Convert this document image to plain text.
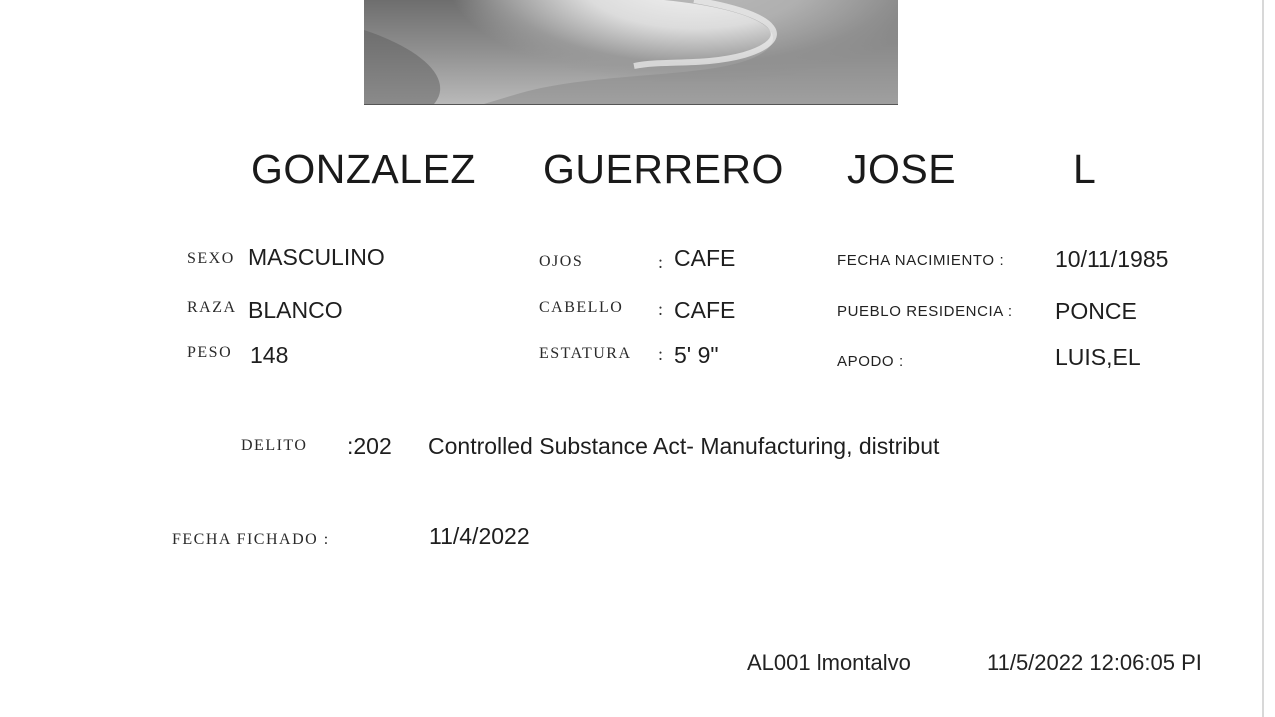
GONZALEZ GUERRERO JOSE	L
SEXO MASCULINO
RAZA BLANCO
PESO 148
OJOS	: CAFE
CABELLO : CAFE
ESTATURA : 5' 9"
FECHA NACIMIENTO : 10/11/1985
PUEBLO RESIDENCIA : PONCE
APODO :	LUIS,EL
DELITO :202 Controlled Substance Act- Manufacturing, distribut
FECHA FICHADO :	11/4/2022
AL001 lmontalvo	11/5/2022 12:06:05 PI
